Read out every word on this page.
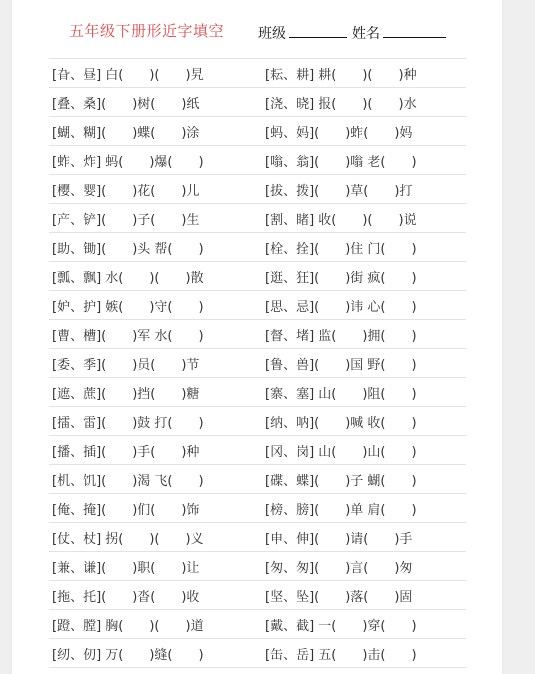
五年级下册形近字填空 班级	姓名
[旮、昼] 白(　　)(　　)旯	[耘、耕] 耕(　　)(　　)种
[叠、桑](　　)树(　　)纸	[浇、晓] 报(　　)(　　)水
[蝴、糊](　　)蝶(　　)涂	[蚂、妈](　　)蚱(　　)妈
[蚱、炸] 蚂(　　)爆(　　)	[嗡、翁](　　)嗡 老(　　)
[樱、婴](　　)花(　　)儿	[拔、拨](　　)草(　　)打
[产、铲](　　)子(　　)生	[割、睹] 收(　　)(　　)说
[助、锄](　　)头 帮(　　)	[栓、拴](　　)住 门(　　)
[瓢、飘] 水(　　)(　　)散	[逛、狂](　　)街 疯(　　)
[妒、护] 嫉(　　)守(　　)	[思、忌](　　)讳 心(　　)
[曹、槽](　　)军 水(　　)	[督、堵] 监(　　)拥(　　)
[委、季](　　)员(　　)节	[鲁、兽](　　)国 野(　　)
[遮、蔗](　　)挡(　　)糖	[寨、塞] 山(　　)阻(　　)
[擂、雷](　　)鼓 打(　　)	[纳、呐](　　)喊 收(　　)
[播、插](　　)手(　　)种	[冈、岗] 山(　　)山(　　)
[机、饥](　　)渴 飞(　　)	[碟、蝶](　　)子 蝴(　　)
[俺、掩](　　)们(　　)饰	[榜、膀](　　)单 肩(　　)
[仗、杖] 拐(　　)(　　)义	[申、伸](　　)请(　　)手
[兼、谦](　　)职(　　)让	[匆、匆](　　)言(　　)匆
[拖、托](　　)沓(　　)收	[坚、坠](　　)落(　　)固
[蹬、膛] 胸(　　)(　　)道	[戴、截] 一(　　)穿(　　)
[纫、仞] 万(　　)缝(　　)	[缶、岳] 五(　　)击(　　)
